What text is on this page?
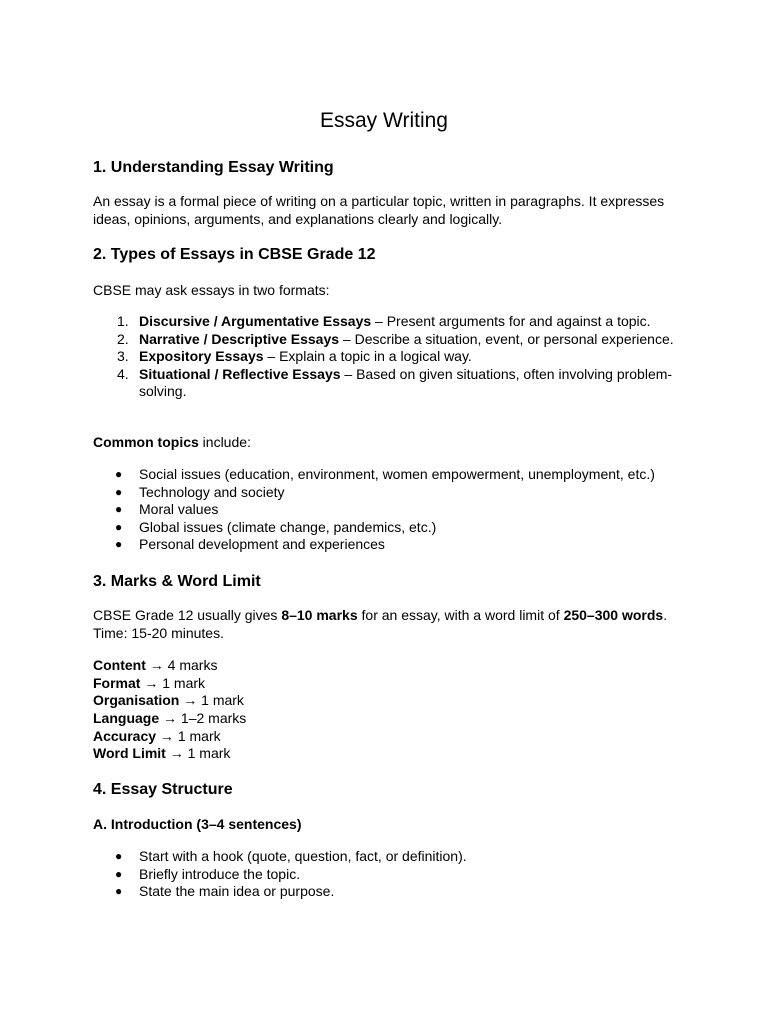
Essay Writing
1. Understanding Essay Writing

An essay is a formal piece of writing on a particular topic, written in paragraphs. It expresses ideas, opinions, arguments, and explanations clearly and logically.

2. Types of Essays in CBSE Grade 12

CBSE may ask essays in two formats:

1. Discursive / Argumentative Essays – Present arguments for and against a topic.
2. Narrative / Descriptive Essays – Describe a situation, event, or personal experience.
3. Expository Essays – Explain a topic in a logical way.
4. Situational / Reflective Essays – Based on given situations, often involving problem-solving.

Common topics include:

● Social issues (education, environment, women empowerment, unemployment, etc.)
● Technology and society
● Moral values
● Global issues (climate change, pandemics, etc.)
● Personal development and experiences
3. Marks & Word Limit

CBSE Grade 12 usually gives 8–10 marks for an essay, with a word limit of 250–300 words.
Time: 15-20 minutes.

Content → 4 marks
Format → 1 mark
Organisation → 1 mark
Language → 1–2 marks
Accuracy → 1 mark
Word Limit → 1 mark
4. Essay Structure

A. Introduction (3–4 sentences)

● Start with a hook (quote, question, fact, or definition).
● Briefly introduce the topic.
● State the main idea or purpose.
